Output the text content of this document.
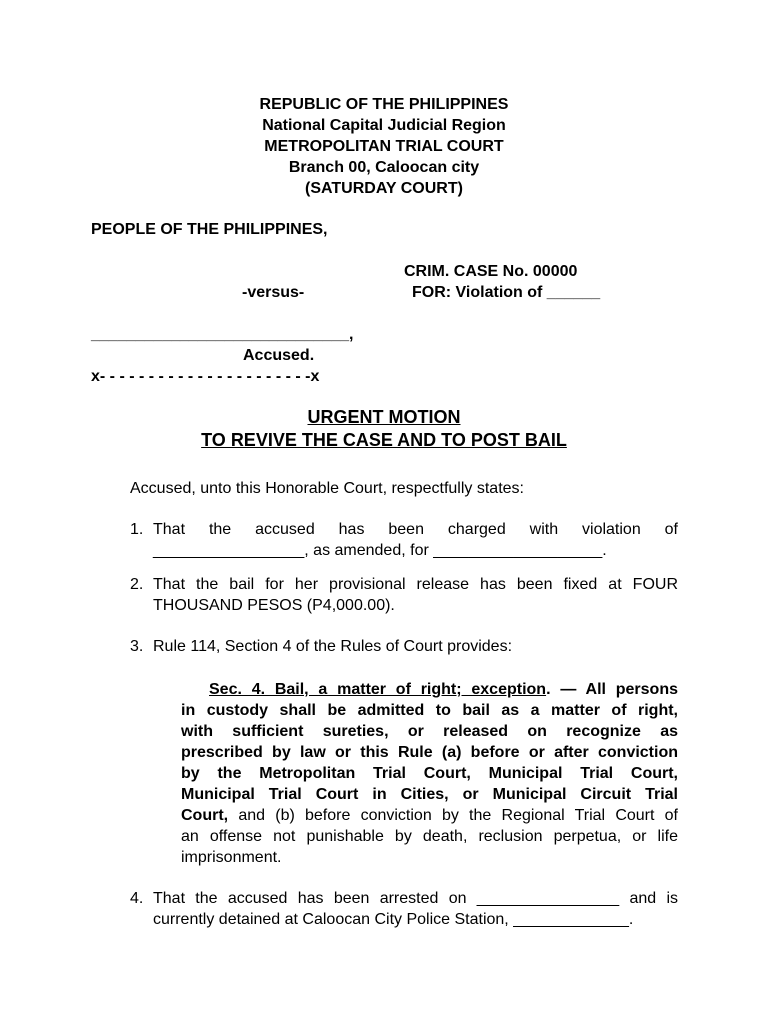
REPUBLIC OF THE PHILIPPINES
National Capital Judicial Region
METROPOLITAN TRIAL COURT
Branch 00, Caloocan city
(SATURDAY COURT)
PEOPLE OF THE PHILIPPINES,
CRIM. CASE No. 00000
-versus-	FOR: Violation of ______
_____________________________,
Accused.
x- - - - - - - - - - - - - - - - - - - - - -x
URGENT MOTION
TO REVIVE THE CASE AND TO POST BAIL
Accused, unto this Honorable Court, respectfully states:
1. That the accused has been charged with violation of
_________________, as amended, for ___________________.
2. That the bail for her provisional release has been fixed at FOUR
THOUSAND PESOS (P4,000.00).
3. Rule 114, Section 4 of the Rules of Court provides:
Sec. 4. Bail, a matter of right; exception. — All persons
in custody shall be admitted to bail as a matter of right,
with sufficient sureties, or released on recognize as
prescribed by law or this Rule (a) before or after conviction
by the Metropolitan Trial Court, Municipal Trial Court,
Municipal Trial Court in Cities, or Municipal Circuit Trial
Court, and (b) before conviction by the Regional Trial Court of
an offense not punishable by death, reclusion perpetua, or life
imprisonment.
4. That the accused has been arrested on ________________ and is
currently detained at Caloocan City Police Station, _____________.
